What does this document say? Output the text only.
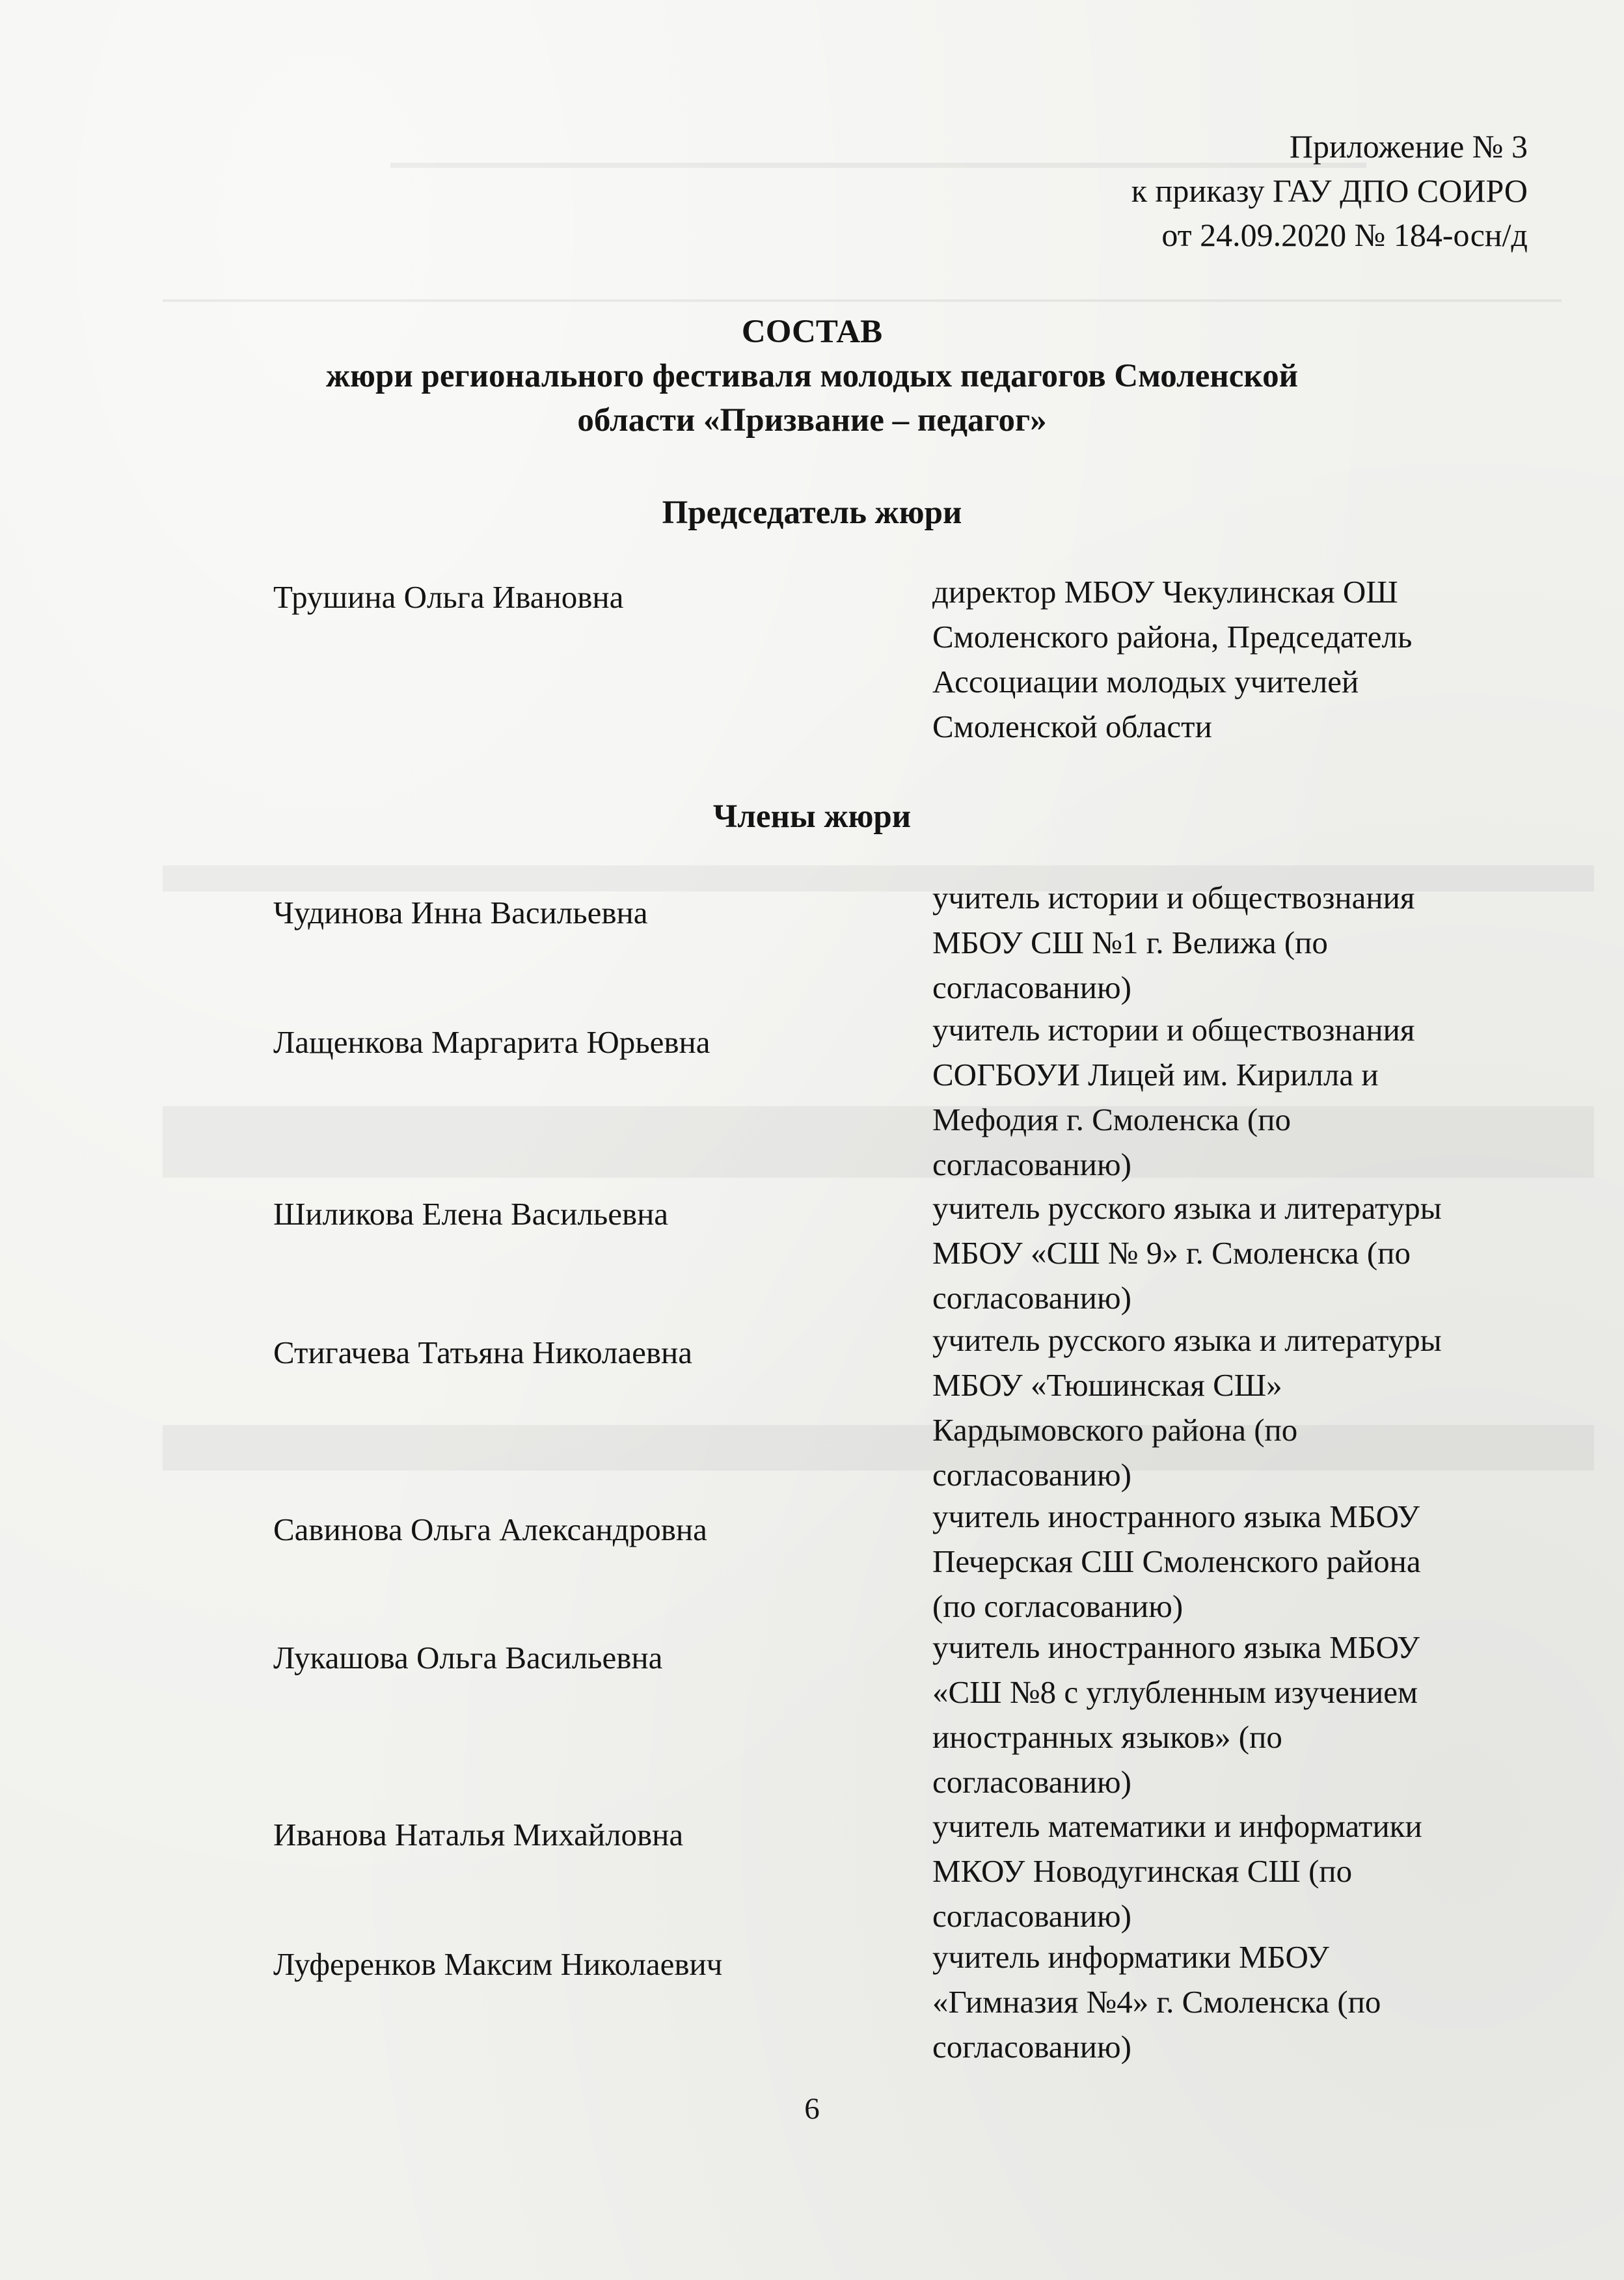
Приложение № 3
к приказу ГАУ ДПО СОИРО
от 24.09.2020 № 184-осн/д
СОСТАВ
жюри регионального фестиваля молодых педагогов Смоленской
области «Призвание – педагог»
Председатель жюри
Трушина Ольга Ивановна	директор МБОУ Чекулинская ОШ
Смоленского района, Председатель
Ассоциации молодых учителей
Смоленской области
Члены жюри
Чудинова Инна Васильевна	учитель истории и обществознания
МБОУ СШ №1 г. Велижа (по
согласованию)
Лащенкова Маргарита Юрьевна	учитель истории и обществознания
СОГБОУИ Лицей им. Кирилла и
Мефодия г. Смоленска (по
согласованию)
Шиликова Елена Васильевна	учитель русского языка и литературы
МБОУ «СШ № 9» г. Смоленска (по
согласованию)
Стигачева Татьяна Николаевна	учитель русского языка и литературы
МБОУ «Тюшинская СШ»
Кардымовского района (по
согласованию)
Савинова Ольга Александровна	учитель иностранного языка МБОУ
Печерская СШ Смоленского района
(по согласованию)
Лукашова Ольга Васильевна	учитель иностранного языка МБОУ
«СШ №8 с углубленным изучением
иностранных языков» (по
согласованию)
Иванова Наталья Михайловна	учитель математики и информатики
МКОУ Новодугинская СШ (по
согласованию)
Луференков Максим Николаевич	учитель информатики МБОУ
«Гимназия №4» г. Смоленска (по
согласованию)
6
